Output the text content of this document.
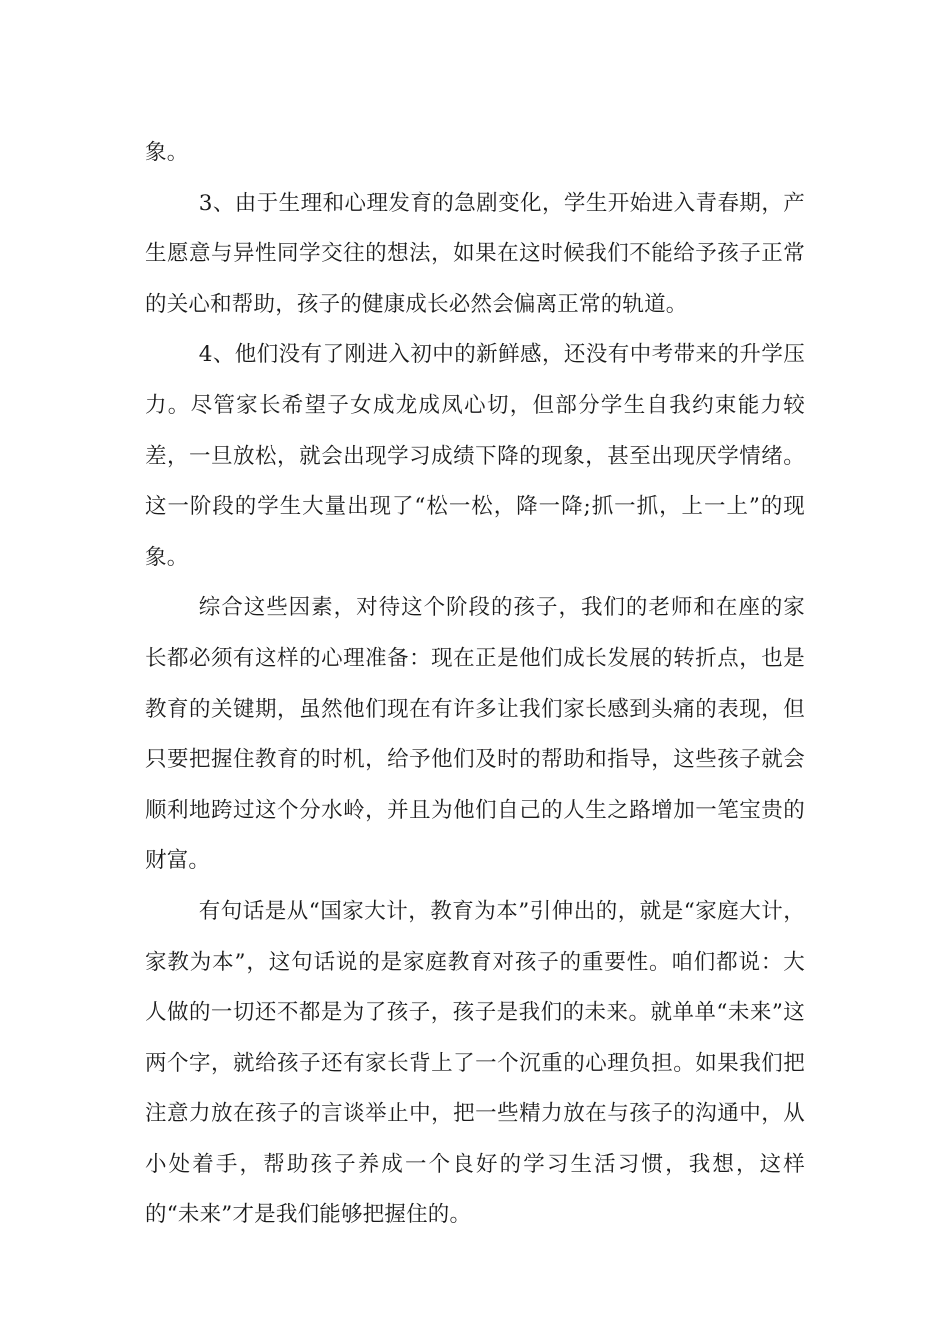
象。

3、由于生理和心理发育的急剧变化，学生开始进入青春期，产生愿意与异性同学交往的想法，如果在这时候我们不能给予孩子正常的关心和帮助，孩子的健康成长必然会偏离正常的轨道。

4、他们没有了刚进入初中的新鲜感，还没有中考带来的升学压力。尽管家长希望子女成龙成凤心切，但部分学生自我约束能力较差，一旦放松，就会出现学习成绩下降的现象，甚至出现厌学情绪。这一阶段的学生大量出现了“松一松，降一降;抓一抓，上一上”的现象。

综合这些因素，对待这个阶段的孩子，我们的老师和在座的家长都必须有这样的心理准备：现在正是他们成长发展的转折点，也是教育的关键期，虽然他们现在有许多让我们家长感到头痛的表现，但只要把握住教育的时机，给予他们及时的帮助和指导，这些孩子就会顺利地跨过这个分水岭，并且为他们自己的人生之路增加一笔宝贵的财富。

有句话是从“国家大计，教育为本”引伸出的，就是“家庭大计，家教为本”，这句话说的是家庭教育对孩子的重要性。咱们都说：大人做的一切还不都是为了孩子，孩子是我们的未来。就单单“未来”这两个字，就给孩子还有家长背上了一个沉重的心理负担。如果我们把注意力放在孩子的言谈举止中，把一些精力放在与孩子的沟通中，从小处着手，帮助孩子养成一个良好的学习生活习惯，我想，这样的“未来”才是我们能够把握住的。
